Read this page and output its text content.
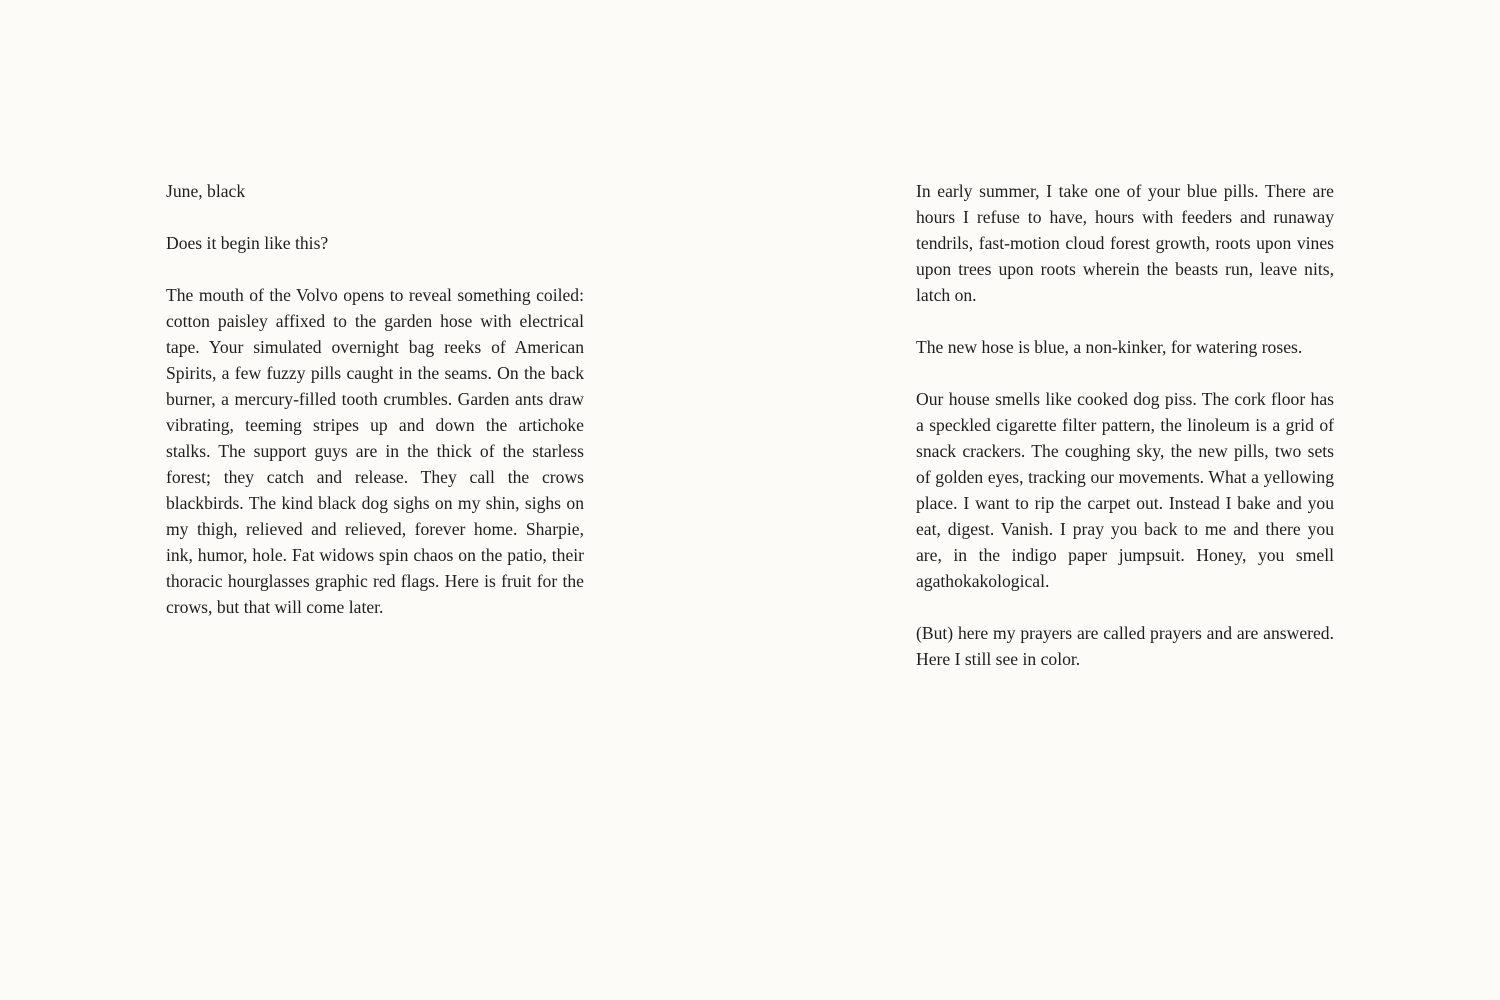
June, black

Does it begin like this?

The mouth of the Volvo opens to reveal something coiled: cotton paisley affixed to the garden hose with electrical tape. Your simulated overnight bag reeks of American Spirits, a few fuzzy pills caught in the seams. On the back burner, a mercury-filled tooth crumbles. Garden ants draw vibrating, teeming stripes up and down the artichoke stalks. The support guys are in the thick of the starless forest; they catch and release. They call the crows blackbirds. The kind black dog sighs on my shin, sighs on my thigh, relieved and relieved, forever home. Sharpie, ink, humor, hole. Fat widows spin chaos on the patio, their thoracic hourglasses graphic red flags. Here is fruit for the crows, but that will come later.

In early summer, I take one of your blue pills. There are hours I refuse to have, hours with feeders and runaway tendrils, fast-motion cloud forest growth, roots upon vines upon trees upon roots wherein the beasts run, leave nits, latch on.

The new hose is blue, a non-kinker, for watering roses.

Our house smells like cooked dog piss. The cork floor has a speckled cigarette filter pattern, the linoleum is a grid of snack crackers. The coughing sky, the new pills, two sets of golden eyes, tracking our movements. What a yellowing place. I want to rip the carpet out. Instead I bake and you eat, digest. Vanish. I pray you back to me and there you are, in the indigo paper jumpsuit. Honey, you smell agathokakological.

(But) here my prayers are called prayers and are answered. Here I still see in color.
